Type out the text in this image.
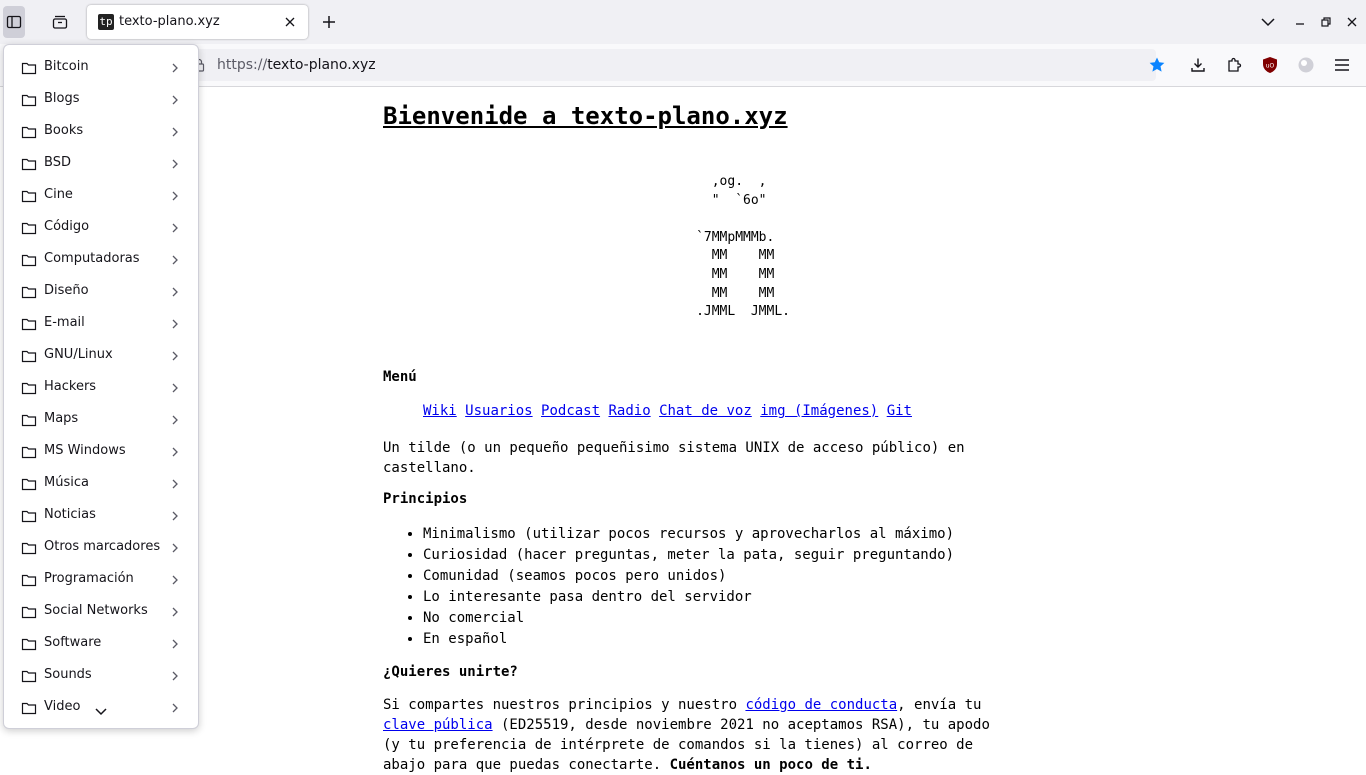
tp texto-plano.xyz
https://texto-plano.xyz	uO
Bienvenide a texto-plano.xyz
,og.  ,
"  `6o"

`7MMpMMMb.
MM    MM
MM    MM
MM    MM
.JMML  JMML.
Menú
Wiki Usuarios Podcast Radio Chat de voz img (Imágenes) Git

Un tilde (o un pequeño pequeñisimo sistema UNIX de acceso público) en castellano.

Principios
• Minimalismo (utilizar pocos recursos y aprovecharlos al máximo)
• Curiosidad (hacer preguntas, meter la pata, seguir preguntando)
• Comunidad (seamos pocos pero unidos)
• Lo interesante pasa dentro del servidor
• No comercial
• En español
¿Quieres unirte?

Si compartes nuestros principios y nuestro código de conducta, envía tu clave pública (ED25519, desde noviembre 2021 no aceptamos RSA), tu apodo (y tu preferencia de intérprete de comandos si la tienes) al correo de abajo para que puedas conectarte. Cuéntanos un poco de ti.

Bitcoin
Blogs
Books
BSD
Cine
Código
Computadoras
Diseño
E-mail
GNU/Linux
Hackers
Maps
MS Windows
Música
Noticias
Otros marcadores
Programación
Social Networks
Software
Sounds
Video
